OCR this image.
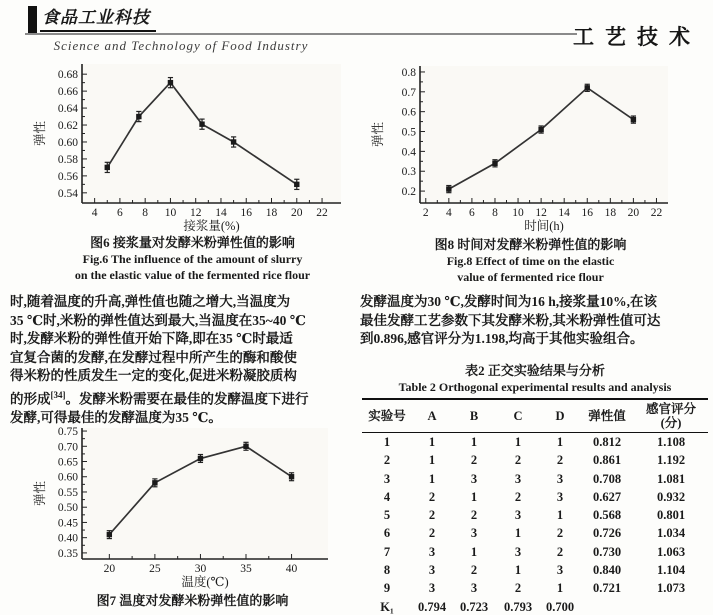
食品工业科技
Science and Technology of Food Industry	工艺技术
4 6 8 10 12 14 16 18 20 22
0.54
0.56
0.58
0.60
0.62
0.64
0.66
0.68
接浆量(%)
弹性
图6 接浆量对发酵米粉弹性值的影响
Fig.6 The influence of the amount of slurry
on the elastic value of the fermented rice flour
2 4 6 8 10 12 14 16 18 20 22
0.2
0.3
0.4
0.5
0.6
0.7
0.8
时间(h)
弹性
图8 时间对发酵米粉弹性值的影响
Fig.8 Effect of time on the elastic
value of fermented rice flour
时,随着温度的升高,弹性值也随之增大,当温度为
35 ℃时,米粉的弹性值达到最大,当温度在35~40 ℃
时,发酵米粉的弹性值开始下降,即在35 ℃时最适
宜复合菌的发酵,在发酵过程中所产生的酶和酸使
得米粉的性质发生一定的变化,促进米粉凝胶质构
的形成[34]。发酵米粉需要在最佳的发酵温度下进行
发酵,可得最佳的发酵温度为35 ℃。
发酵温度为30 ℃,发酵时间为16 h,接浆量10%,在该
最佳发酵工艺参数下其发酵米粉,其米粉弹性值可达
到0.896,感官评分为1.198,均高于其他实验组合。
表2 正交实验结果与分析
Table 2 Orthogonal experimental results and analysis
实验号	A	B	C	D	弹性值	感官评分
(分)

1	1	1	1	1	0.812	1.108
2	1	2	2	2	0.861	1.192
3	1	3	3	3	0.708	1.081
4	2	1	2	3	0.627	0.932
5	2	2	3	1	0.568	0.801
6	2	3	1	2	0.726	1.034
7	3	1	3	2	0.730	1.063
8	3	2	1	3	0.840	1.104
9	3	3	2	1	0.721	1.073
K₁	0.794	0.723	0.793	0.700		
20	25	30	35	40
0.35
0.40
0.45
0.50
0.55
0.60
0.65
0.70
0.75
温度(℃)
弹性
图7 温度对发酵米粉弹性值的影响
